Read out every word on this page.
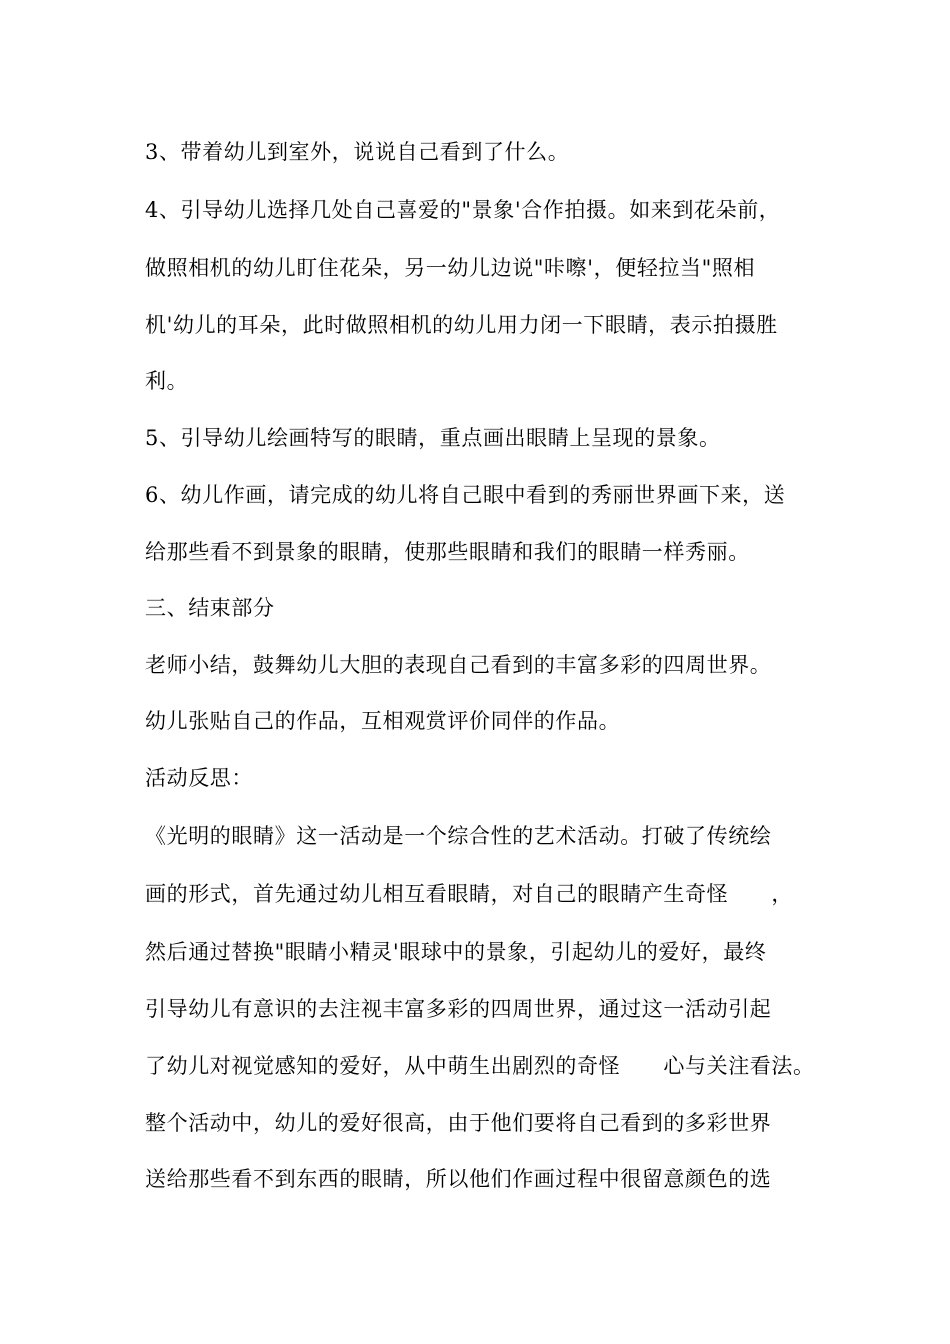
3、带着幼儿到室外，说说自己看到了什么。
4、引导幼儿选择几处自己喜爱的"景象'合作拍摄。如来到花朵前，
做照相机的幼儿盯住花朵，另一幼儿边说"咔嚓'，便轻拉当"照相
机'幼儿的耳朵，此时做照相机的幼儿用力闭一下眼睛，表示拍摄胜
利。
5、引导幼儿绘画特写的眼睛，重点画出眼睛上呈现的景象。
6、幼儿作画，请完成的幼儿将自己眼中看到的秀丽世界画下来，送
给那些看不到景象的眼睛，使那些眼睛和我们的眼睛一样秀丽。
三、结束部分
老师小结，鼓舞幼儿大胆的表现自己看到的丰富多彩的四周世界。
幼儿张贴自己的作品，互相观赏评价同伴的作品。
活动反思：
《光明的眼睛》这一活动是一个综合性的艺术活动。打破了传统绘
画的形式，首先通过幼儿相互看眼睛，对自己的眼睛产生奇怪　　，
然后通过替换"眼睛小精灵'眼球中的景象，引起幼儿的爱好，最终
引导幼儿有意识的去注视丰富多彩的四周世界，通过这一活动引起
了幼儿对视觉感知的爱好，从中萌生出剧烈的奇怪　　心与关注看法。
整个活动中，幼儿的爱好很高，由于他们要将自己看到的多彩世界
送给那些看不到东西的眼睛，所以他们作画过程中很留意颜色的选
